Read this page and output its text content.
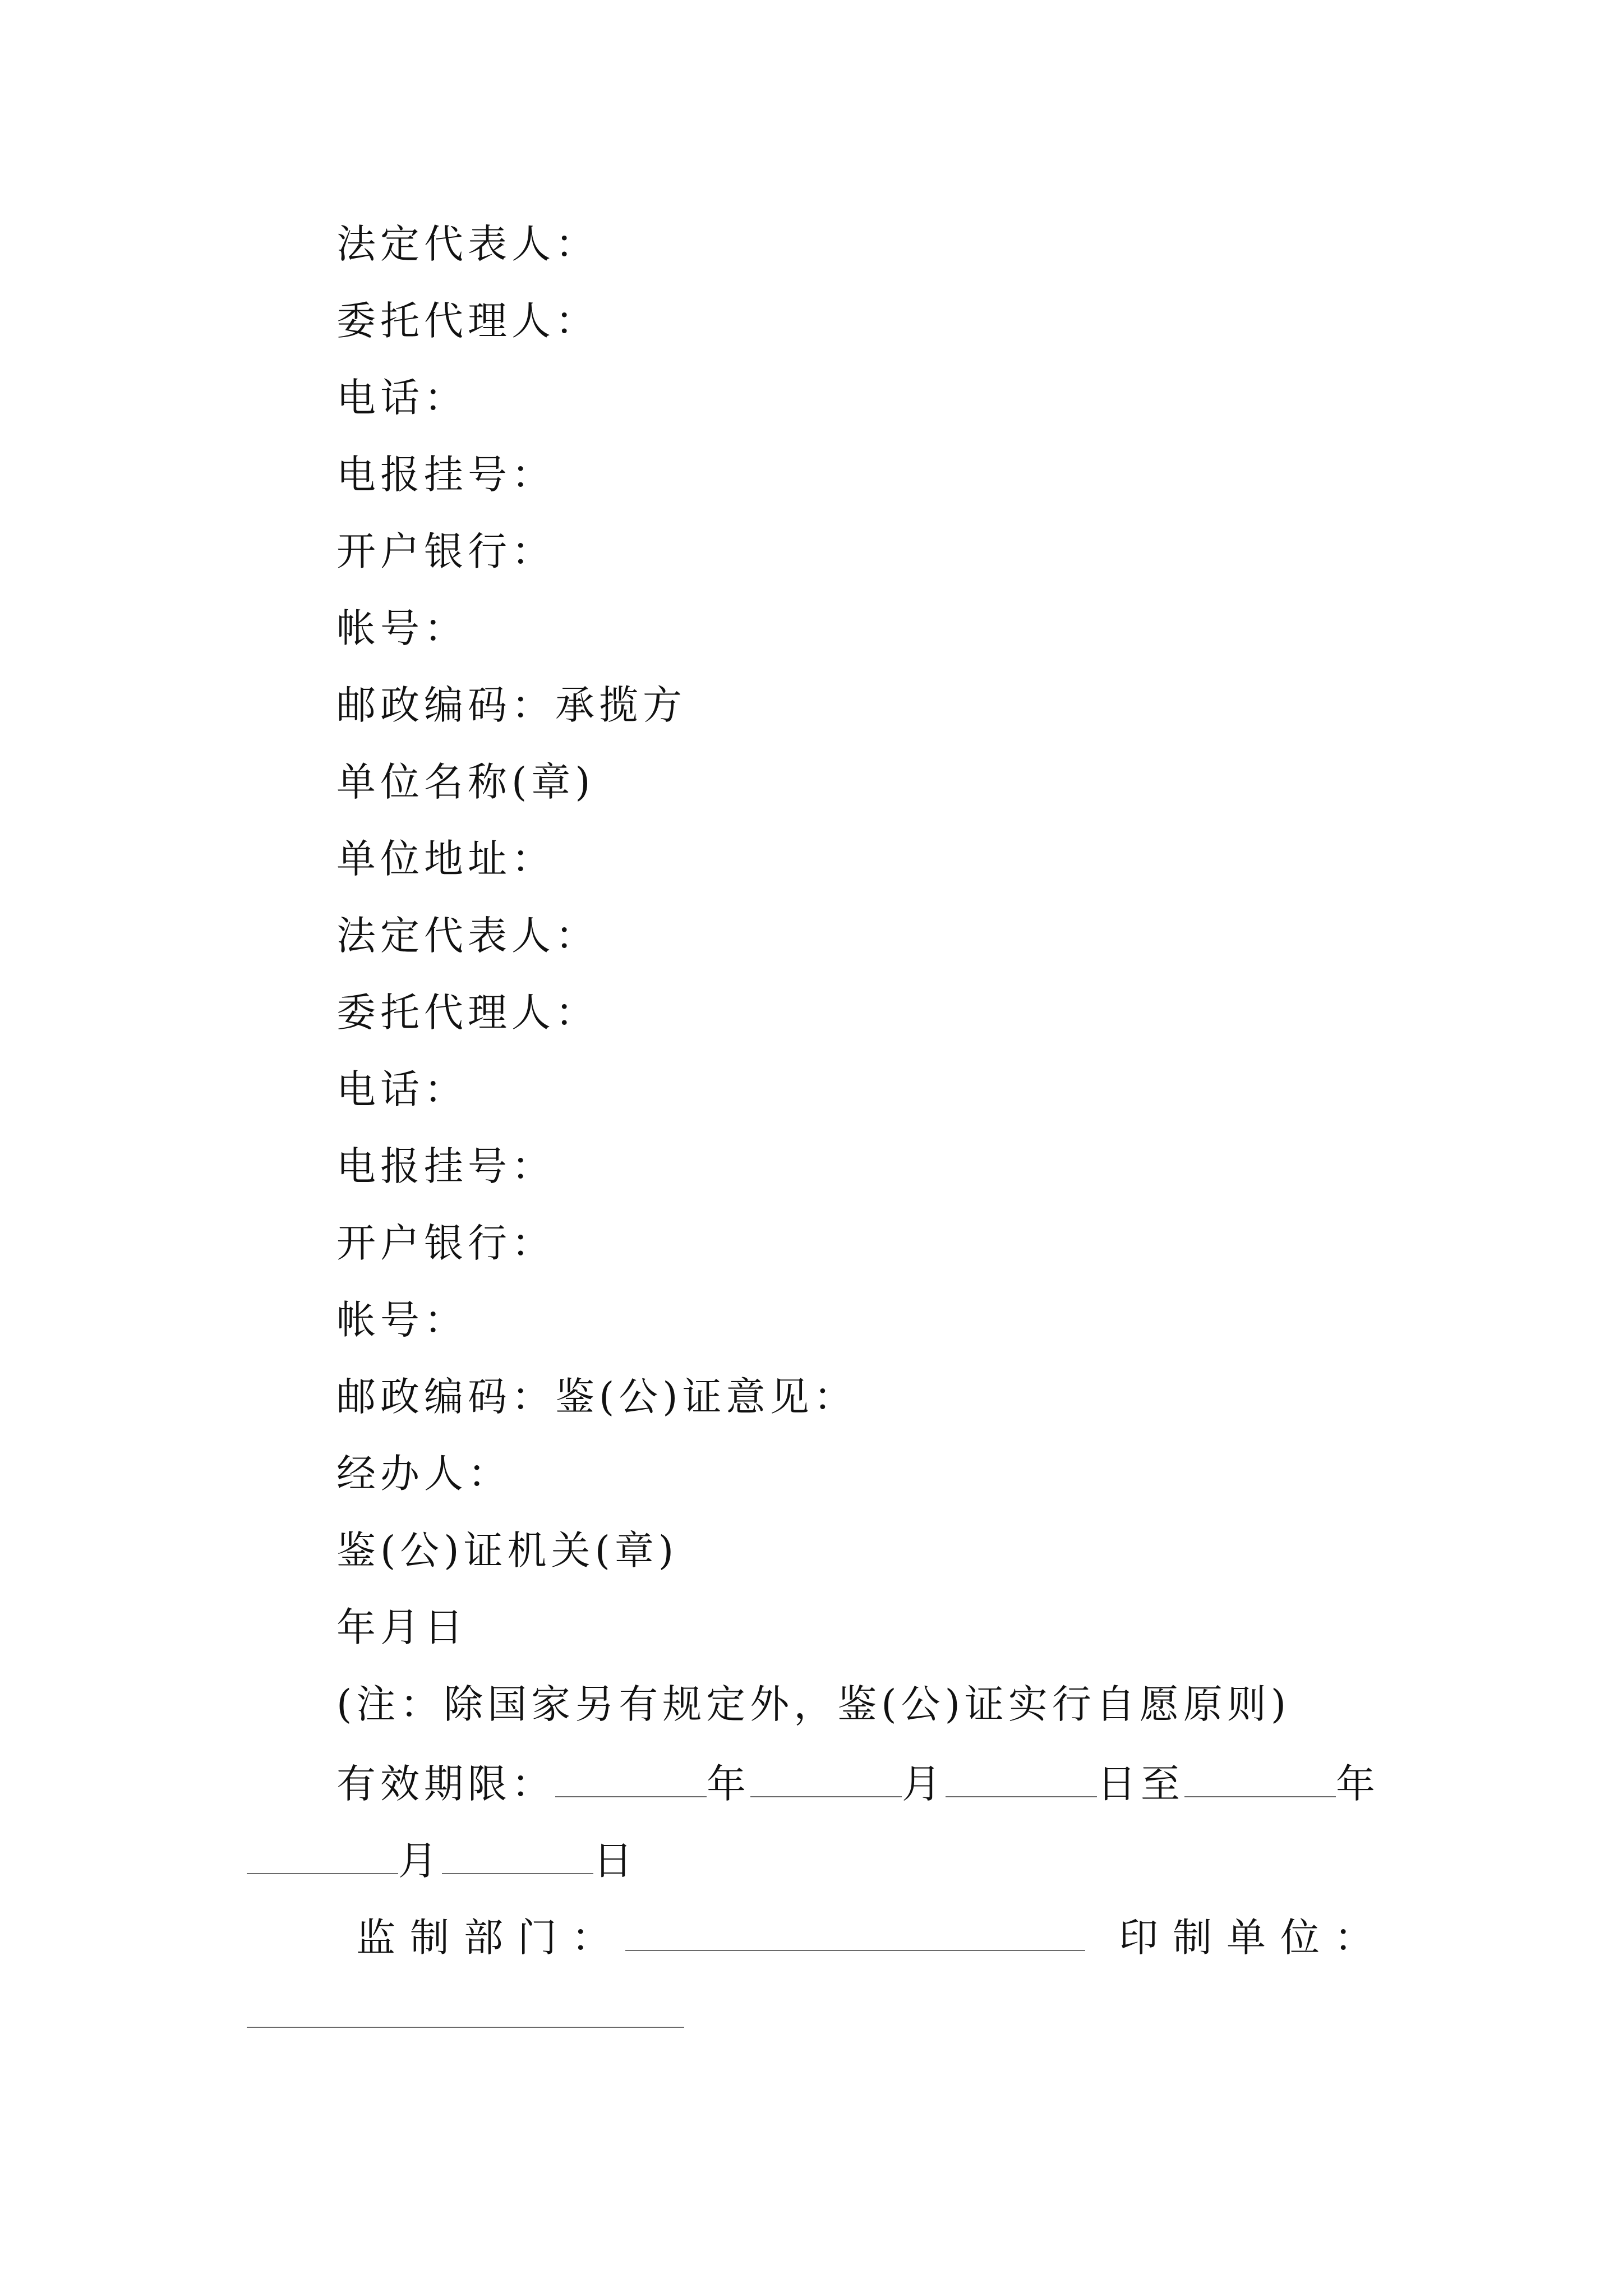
法定代表人：
委托代理人：
电话：
电报挂号：
开户银行：
帐号：
邮政编码：承揽方
单位名称(章)
单位地址：
法定代表人：
委托代理人：
电话：
电报挂号：
开户银行：
帐号：
邮政编码：鉴(公)证意见：
经办人：
鉴(公)证机关(章)
年月日
(注：除国家另有规定外，鉴(公)证实行自愿原则)
有效期限：	年	月	日至	年
月	日
监制部门：	印制单位：
